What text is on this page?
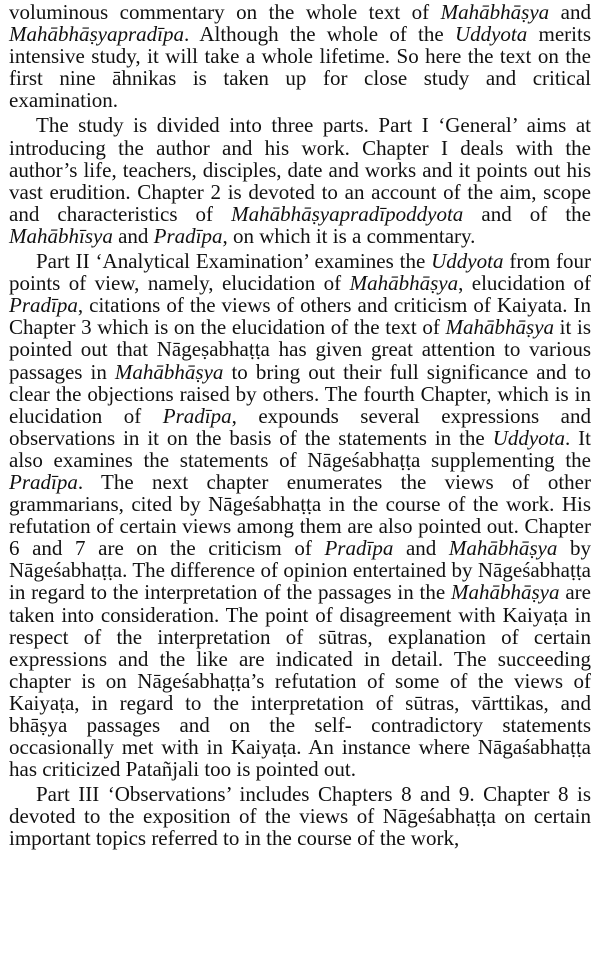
voluminous commentary on the whole text of Mahābhāṣya and Mahābhāṣyapradīpa. Although the whole of the Uddyota merits intensive study, it will take a whole lifetime. So here the text on the first nine āhnikas is taken up for close study and critical examination.

The study is divided into three parts. Part I ‘General’ aims at introducing the author and his work. Chapter I deals with the author’s life, teachers, disciples, date and works and it points out his vast erudition. Chapter 2 is devoted to an account of the aim, scope and characteristics of Mahābhāṣyapradīpoddyota and of the Mahābhīsya and Pradīpa, on which it is a commentary.

Part II ‘Analytical Examination’ examines the Uddyota from four points of view, namely, elucidation of Mahābhāṣya, elucidation of Pradīpa, citations of the views of others and criticism of Kaiyata. In Chapter 3 which is on the elucidation of the text of Mahābhāṣya it is pointed out that Nāgeṣabhaṭṭa has given great attention to various passages in Mahābhāṣya to bring out their full significance and to clear the objections raised by others. The fourth Chapter, which is in elucidation of Pradīpa, expounds several expressions and observations in it on the basis of the statements in the Uddyota. It also examines the statements of Nāgeśabhaṭṭa supplementing the Pradīpa. The next chapter enumerates the views of other grammarians, cited by Nāgeśabhaṭṭa in the course of the work. His refutation of certain views among them are also pointed out. Chapter 6 and 7 are on the criticism of Pradīpa and Mahābhāṣya by Nāgeśabhaṭṭa. The difference of opinion entertained by Nāgeśabhaṭṭa in regard to the interpretation of the passages in the Mahābhāṣya are taken into consideration. The point of disagreement with Kaiyaṭa in respect of the interpretation of sūtras, explanation of certain expressions and the like are indicated in detail. The succeeding chapter is on Nāgeśabhaṭṭa’s refutation of some of the views of Kaiyaṭa, in regard to the interpretation of sūtras, vārttikas, and bhāṣya passages and on the self- contradictory statements occasionally met with in Kaiyaṭa. An instance where Nāgaśabhaṭṭa has criticized Patañjali too is pointed out.

Part III ‘Observations’ includes Chapters 8 and 9. Chapter 8 is devoted to the exposition of the views of Nāgeśabhaṭṭa on certain important topics referred to in the course of the work,
